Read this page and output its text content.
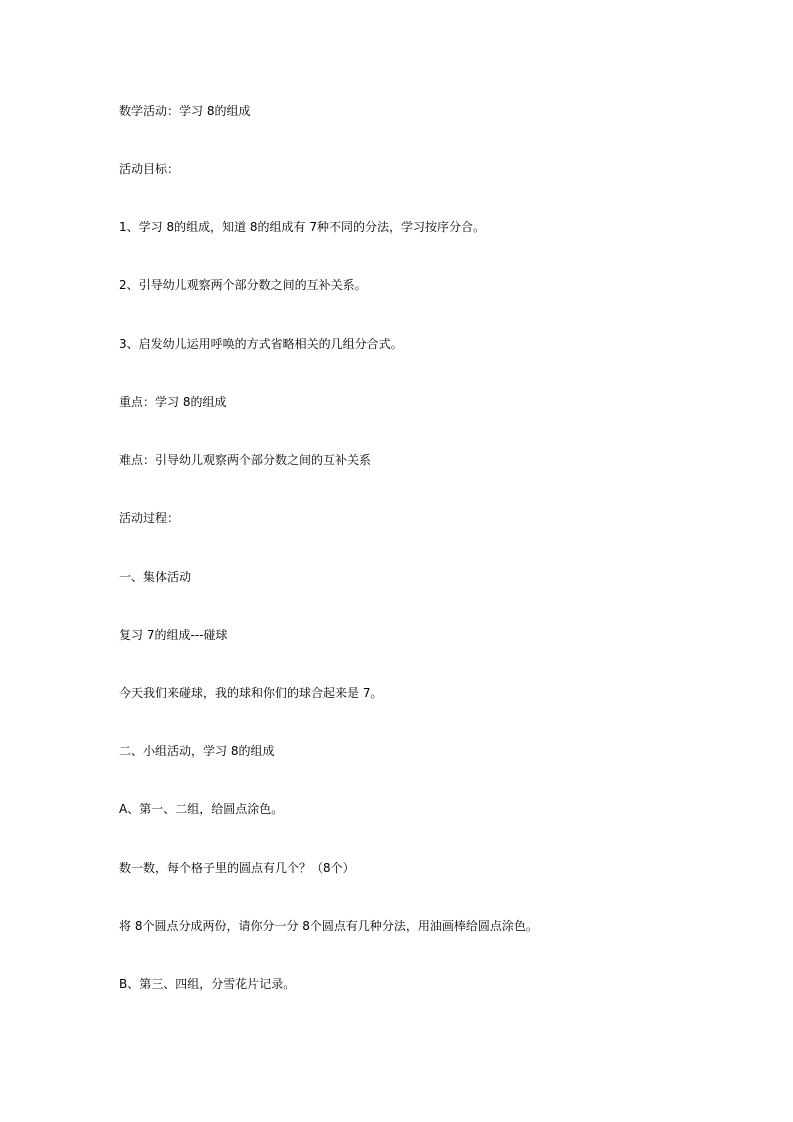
数学活动：学习 8的组成

活动目标：

1、学习 8的组成，知道 8的组成有 7种不同的分法，学习按序分合。

2、引导幼儿观察两个部分数之间的互补关系。

3、启发幼儿运用呼唤的方式省略相关的几组分合式。

重点：学习 8的组成

难点：引导幼儿观察两个部分数之间的互补关系

活动过程：

一、集体活动

复习 7的组成---碰球

今天我们来碰球，我的球和你们的球合起来是 7。

二、小组活动，学习 8的组成

A、第一、二组，给圆点涂色。

数一数，每个格子里的圆点有几个？（8个）

将 8个圆点分成两份，请你分一分 8个圆点有几种分法，用油画棒给圆点涂色。

B、第三、四组，分雪花片记录。
